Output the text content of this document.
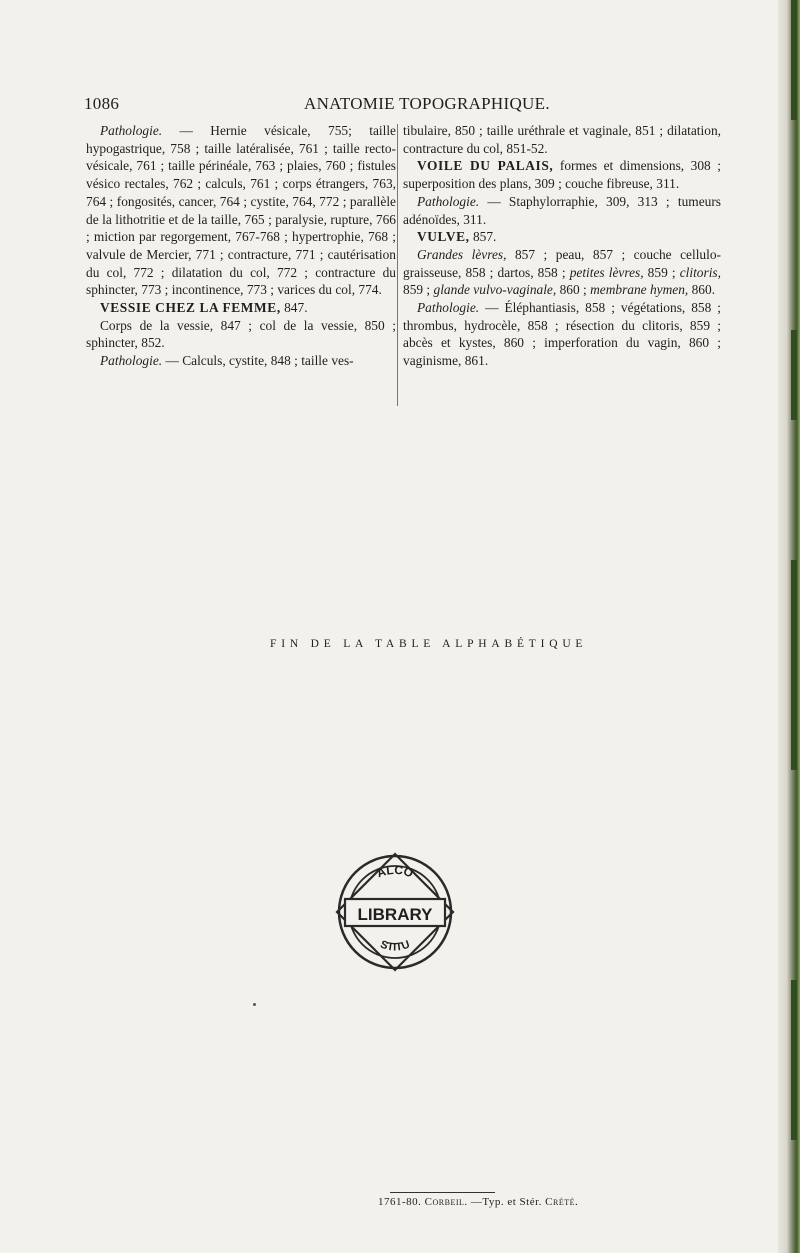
1086	ANATOMIE TOPOGRAPHIQUE.

Pathologie. — Hernie vésicale, 755; taille hypogastrique, 758 ; taille latéralisée, 761 ; taille recto-vésicale, 761 ; taille périnéale, 763 ; plaies, 760 ; fistules vésico rectales, 762 ; calculs, 761 ; corps étrangers, 763, 764 ; fongosités, cancer, 764 ; cystite, 764, 772 ; parallèle de la lithotritie et de la taille, 765 ; paralysie, rupture, 766 ; miction par regorgement, 767-768 ; hypertrophie, 768 ; valvule de Mercier, 771 ; contracture, 771 ; cautérisation du col, 772 ; dilatation du col, 772 ; contracture du sphincter, 773 ; incontinence, 773 ; varices du col, 774.

VESSIE CHEZ LA FEMME, 847.

Corps de la vessie, 847 ; col de la vessie, 850 ; sphincter, 852.

Pathologie. — Calculs, cystite, 848 ; taille ves-

tibulaire, 850 ; taille uréthrale et vaginale, 851 ; dilatation, contracture du col, 851-52.

VOILE DU PALAIS, formes et dimensions, 308 ; superposition des plans, 309 ; couche fibreuse, 311.

Pathologie. — Staphylorraphie, 309, 313 ; tumeurs adénoïdes, 311.

VULVE, 857.

Grandes lèvres, 857 ; peau, 857 ; couche cellulo-graisseuse, 858 ; dartos, 858 ; petites lèvres, 859 ; clitoris, 859 ; glande vulvo-vaginale, 860 ; membrane hymen, 860.

Pathologie. — Éléphantiasis, 858 ; végétations, 858 ; thrombus, hydrocèle, 858 ; résection du clitoris, 859 ; abcès et kystes, 860 ; imperforation du vagin, 860 ; vaginisme, 861.

FIN DE LA TABLE ALPHABÉTIQUE
LIBRARY
ALCO
STITU
1761-80. Corbeil. —Typ. et Stér. Crété.
